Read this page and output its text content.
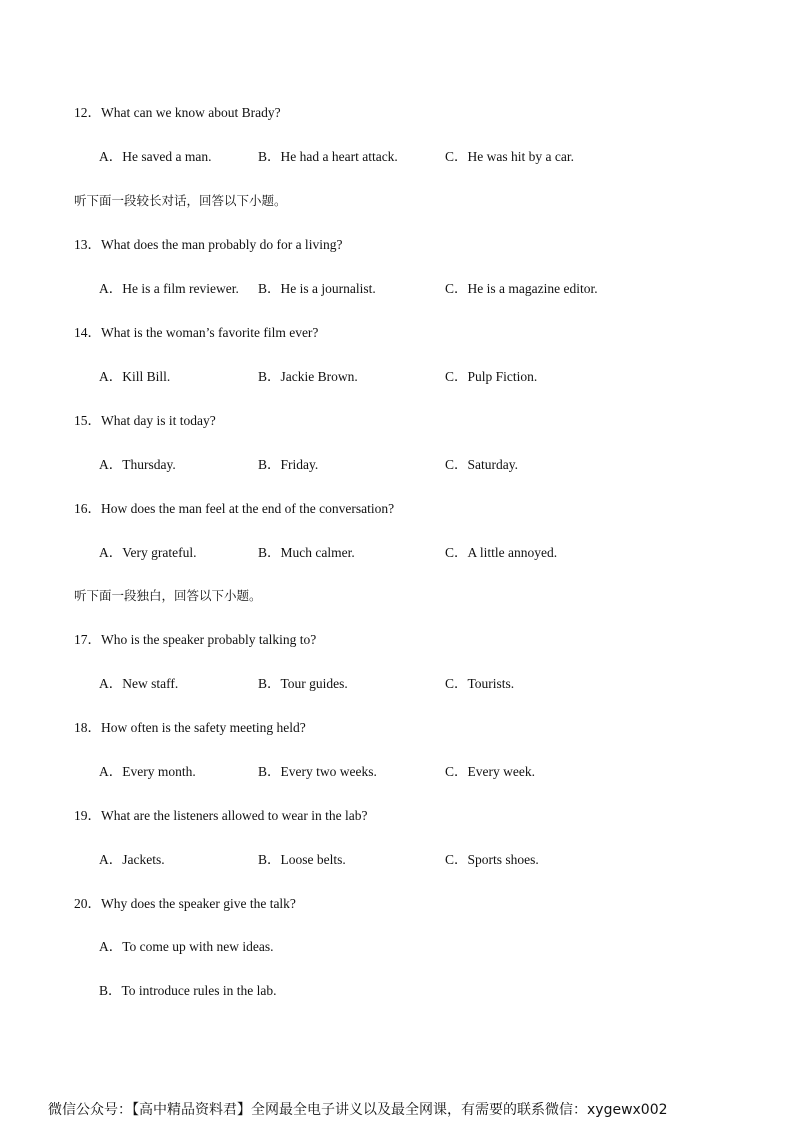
12．What can we know about Brady?
A．He saved a man.	B．He had a heart attack.	C．He was hit by a car.
听下面一段较长对话，回答以下小题。
13．What does the man probably do for a living?
A．He is a film reviewer. B．He is a journalist.	C．He is a magazine editor.
14．What is the woman’s favorite film ever?
A．Kill Bill.	B．Jackie Brown.	C．Pulp Fiction.
15．What day is it today?
A．Thursday.	B．Friday.	C．Saturday.
16．How does the man feel at the end of the conversation?
A．Very grateful.	B．Much calmer.	C．A little annoyed.
听下面一段独白，回答以下小题。
17．Who is the speaker probably talking to?
A．New staff.	B．Tour guides.	C．Tourists.
18．How often is the safety meeting held?
A．Every month.	B．Every two weeks.	C．Every week.
19．What are the listeners allowed to wear in the lab?
A．Jackets.	B．Loose belts.	C．Sports shoes.
20．Why does the speaker give the talk?
A．To come up with new ideas.
B．To introduce rules in the lab.
微信公众号：【高中精品资料君】全网最全电子讲义以及最全网课，有需要的联系微信：xygewx002
